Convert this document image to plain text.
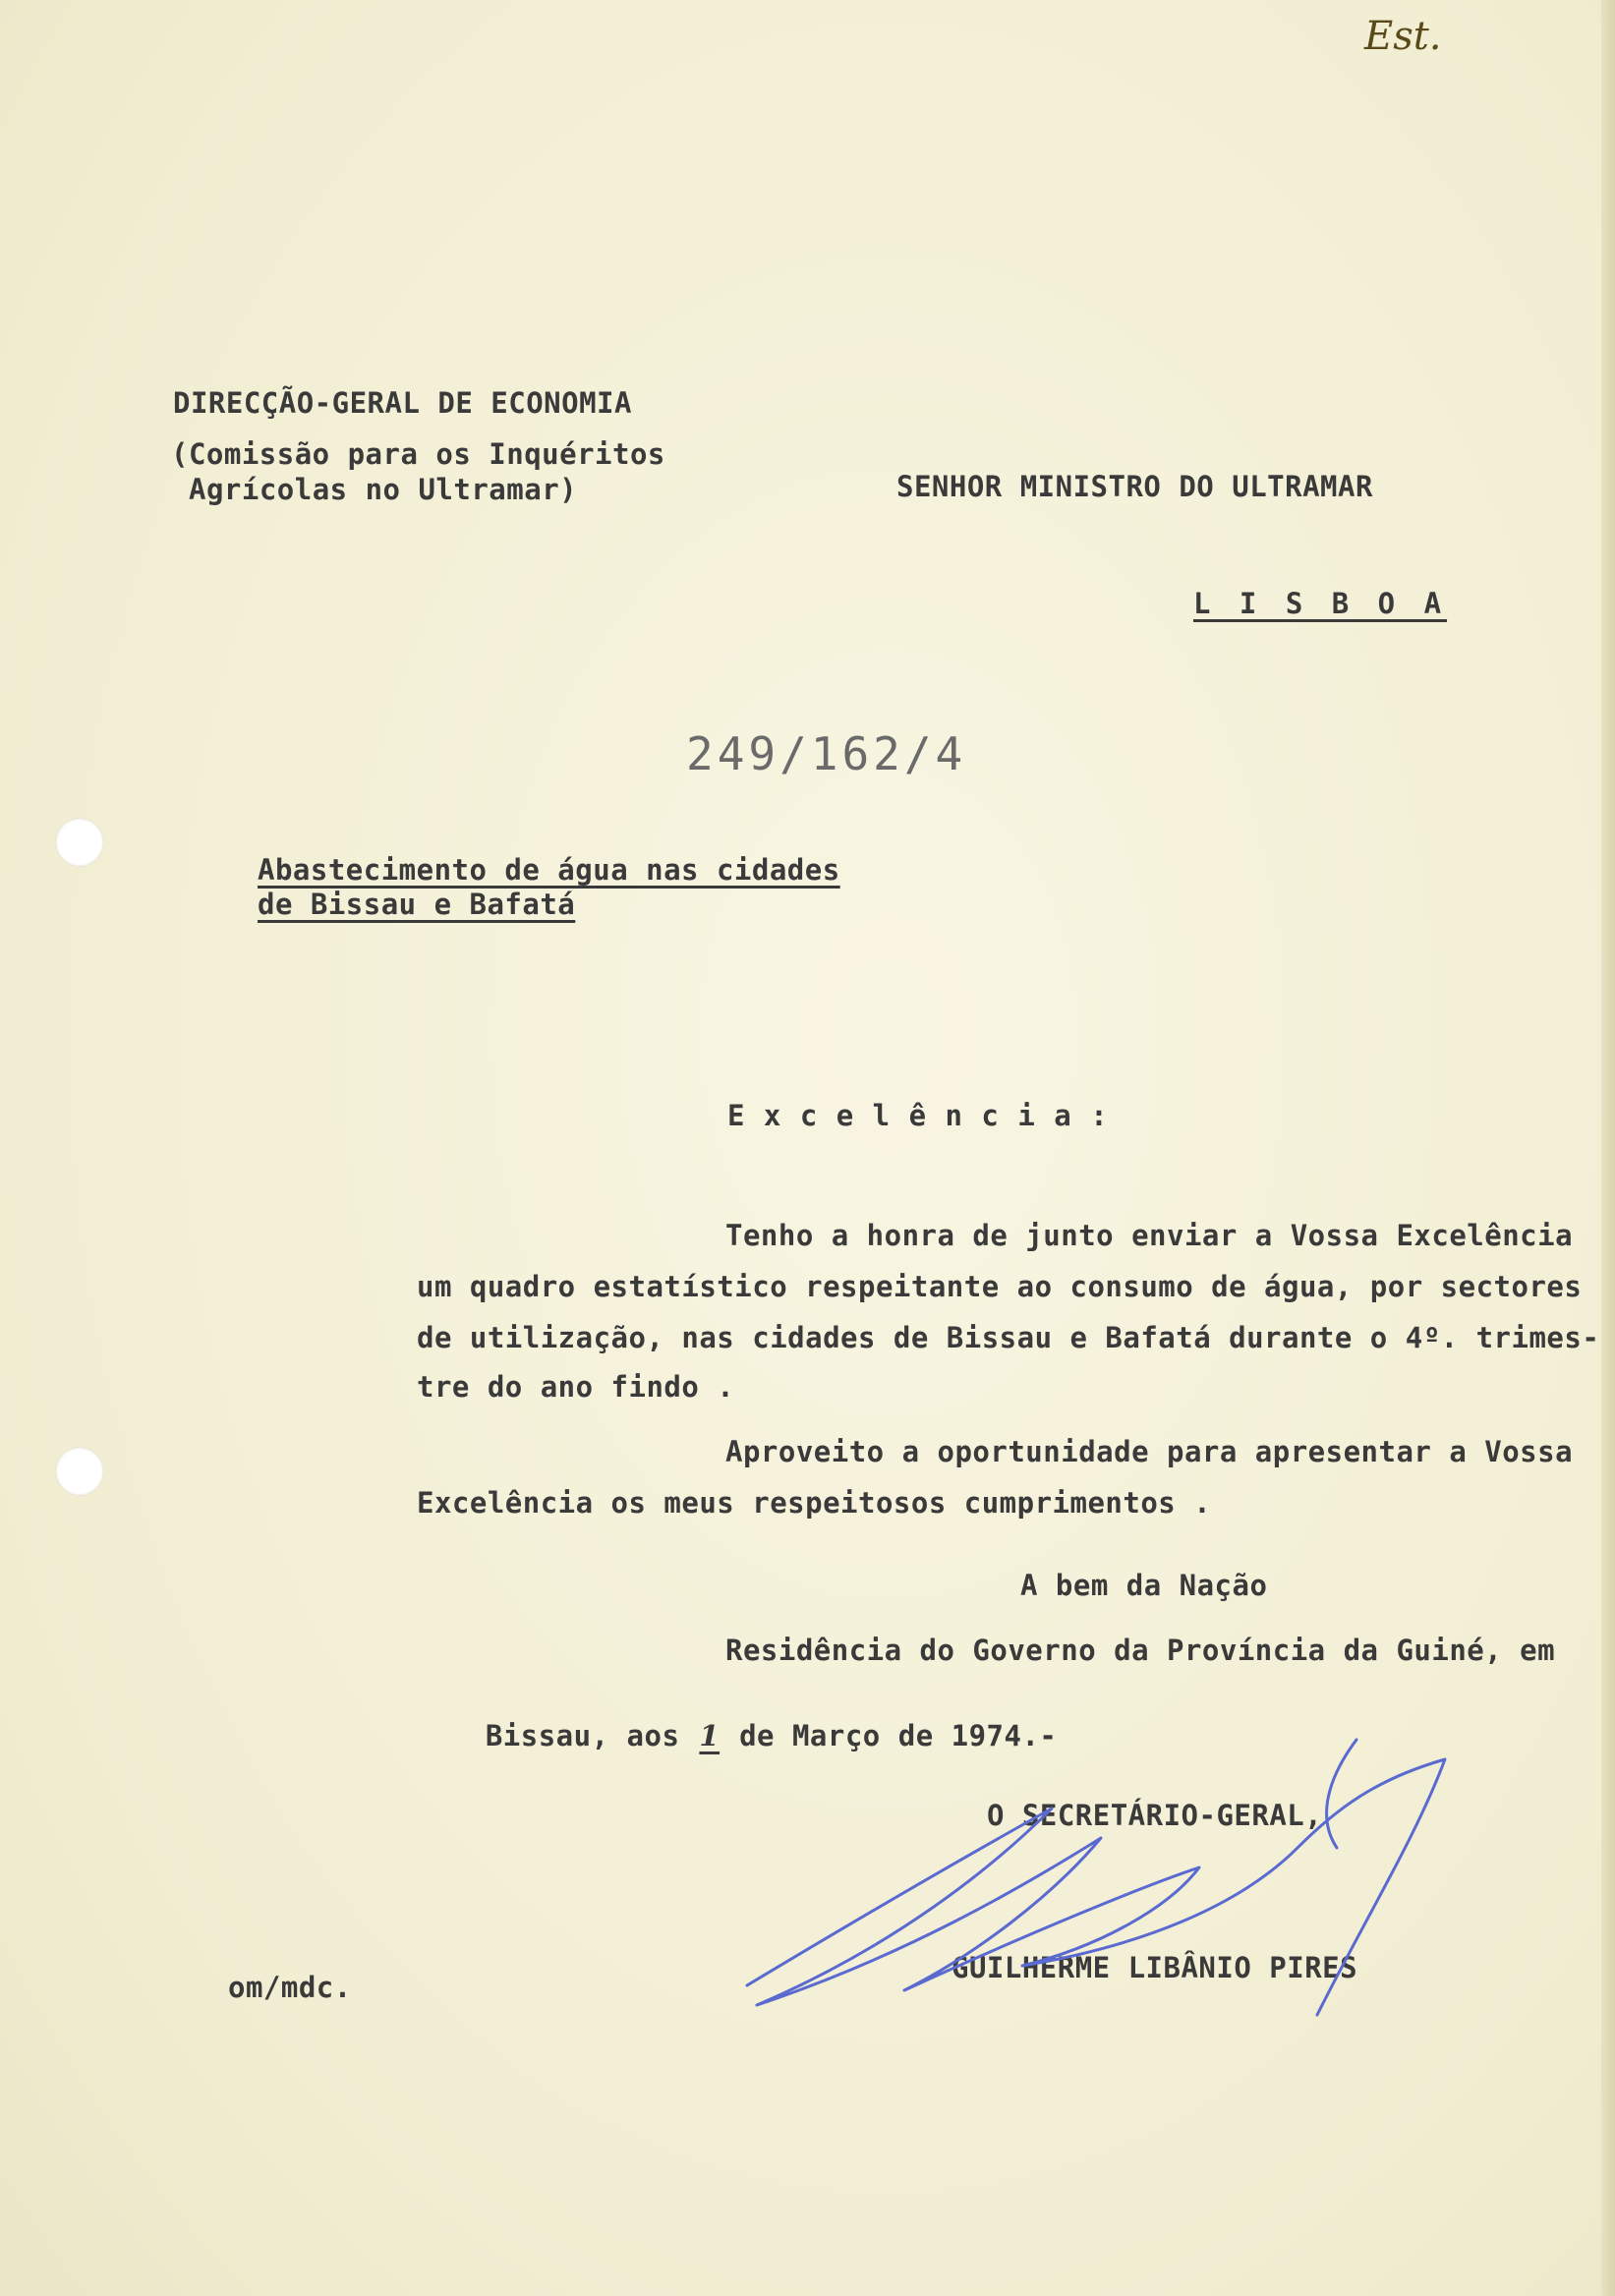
Est.
DIRECÇÃO-GERAL DE ECONOMIA
(Comissão para os Inquéritos
Agrícolas no Ultramar)	SENHOR MINISTRO DO ULTRAMAR
L I S B O A
249/162/4
Abastecimento de água nas cidades
de Bissau e Bafatá
E x c e l ê n c i a :
Tenho a honra de junto enviar a Vossa Excelência
um quadro estatístico respeitante ao consumo de água, por sectores
de utilização, nas cidades de Bissau e Bafatá durante o 4º. trimes-
tre do ano findo .
Aproveito a oportunidade para apresentar a Vossa
Excelência os meus respeitosos cumprimentos .
A bem da Nação
Residência do Governo da Província da Guiné, em

Bissau, aos 1 de Março de 1974.-

O SECRETÁRIO-GERAL,
GUILHERME LIBÂNIO PIRES
om/mdc.
